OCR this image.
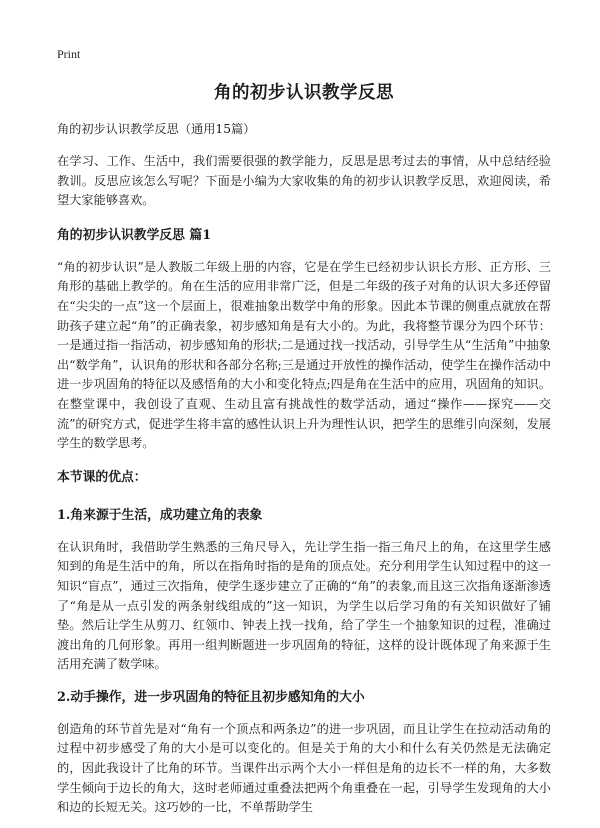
Print
角的初步认识教学反思
角的初步认识教学反思（通用15篇）

在学习、工作、生活中，我们需要很强的教学能力，反思是思考过去的事情，从中总结经验教训。反思应该怎么写呢？下面是小编为大家收集的角的初步认识教学反思，欢迎阅读，希望大家能够喜欢。

角的初步认识教学反思 篇1

“角的初步认识”是人教版二年级上册的内容，它是在学生已经初步认识长方形、正方形、三角形的基础上教学的。角在生活的应用非常广泛，但是二年级的孩子对角的认识大多还停留在“尖尖的一点”这一个层面上，很难抽象出数学中角的形象。因此本节课的侧重点就放在帮助孩子建立起“角”的正确表象，初步感知角是有大小的。为此，我将整节课分为四个环节：一是通过指一指活动，初步感知角的形状;二是通过找一找活动，引导学生从“生活角”中抽象出“数学角”，认识角的形状和各部分名称;三是通过开放性的操作活动，使学生在操作活动中进一步巩固角的特征以及感悟角的大小和变化特点;四是角在生活中的应用，巩固角的知识。在整堂课中，我创设了直观、生动且富有挑战性的数学活动，通过“操作——探究——交流”的研究方式，促进学生将丰富的感性认识上升为理性认识，把学生的思维引向深刻，发展学生的数学思考。

本节课的优点：
1.角来源于生活，成功建立角的表象

在认识角时，我借助学生熟悉的三角尺导入，先让学生指一指三角尺上的角，在这里学生感知到的角是生活中的角，所以在指角时指的是角的顶点处。充分利用学生认知过程中的这一知识“盲点”，通过三次指角，使学生逐步建立了正确的“角”的表象,而且这三次指角逐渐渗透了“角是从一点引发的两条射线组成的”这一知识，为学生以后学习角的有关知识做好了铺垫。然后让学生从剪刀、红领巾、钟表上找一找角，给了学生一个抽象知识的过程，准确过渡出角的几何形象。再用一组判断题进一步巩固角的特征，这样的设计既体现了角来源于生活用充满了数学味。

2.动手操作，进一步巩固角的特征且初步感知角的大小

创造角的环节首先是对“角有一个顶点和两条边”的进一步巩固，而且让学生在拉动活动角的过程中初步感受了角的大小是可以变化的。但是关于角的大小和什么有关仍然是无法确定的，因此我设计了比角的环节。当课件出示两个大小一样但是角的边长不一样的角，大多数学生倾向于边长的角大，这时老师通过重叠法把两个角重叠在一起，引导学生发现角的大小和边的长短无关。这巧妙的一比，不单帮助学生
